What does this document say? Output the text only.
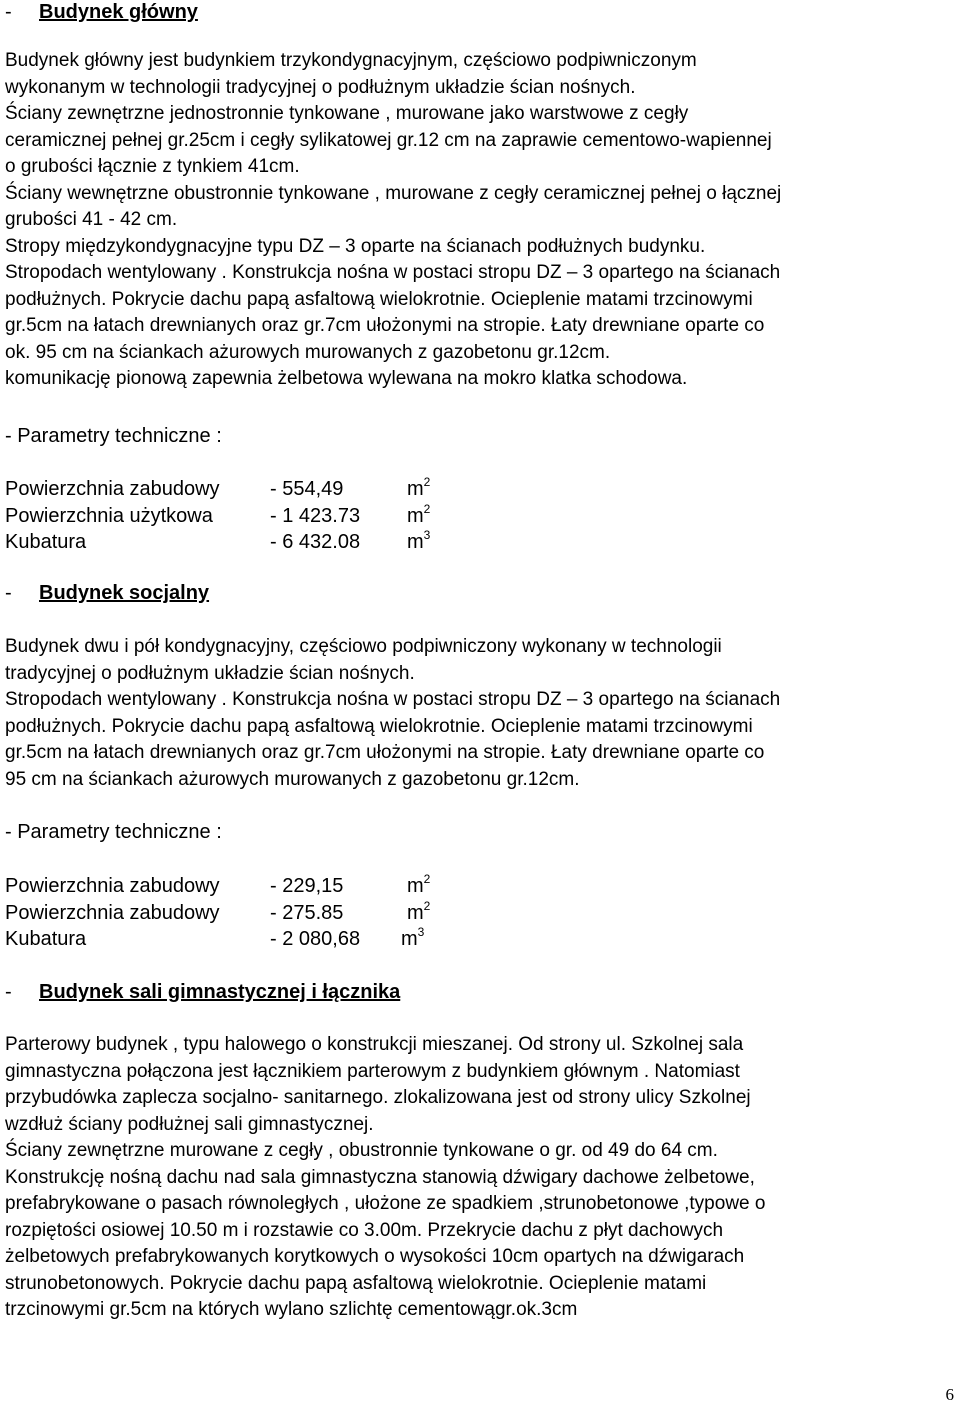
- Budynek główny
Budynek główny jest budynkiem trzykondygnacyjnym, częściowo podpiwniczonym
wykonanym w technologii tradycyjnej o podłużnym układzie ścian nośnych.
Ściany zewnętrzne jednostronnie tynkowane , murowane jako warstwowe z cegły
ceramicznej pełnej gr.25cm i cegły sylikatowej gr.12 cm na zaprawie cementowo-wapiennej
o grubości łącznie z tynkiem 41cm.
Ściany wewnętrzne obustronnie tynkowane , murowane z cegły ceramicznej pełnej o łącznej
grubości 41 - 42 cm.
Stropy międzykondygnacyjne typu DZ – 3 oparte na ścianach podłużnych budynku.
Stropodach wentylowany . Konstrukcja nośna w postaci stropu DZ – 3 opartego na ścianach
podłużnych. Pokrycie dachu papą asfaltową wielokrotnie. Ocieplenie matami trzcinowymi
gr.5cm na łatach drewnianych oraz gr.7cm ułożonymi na stropie. Łaty drewniane oparte co
ok. 95 cm na ściankach ażurowych murowanych z gazobetonu gr.12cm.
komunikację pionową zapewnia żelbetowa wylewana na mokro klatka schodowa.
- Parametry techniczne :
Powierzchnia zabudowy	- 554,49	$m^2$
Powierzchnia użytkowa	- 1 423.73 $m^2$
Kubatura	- 6 432.08 $m^3$
- Budynek socjalny
Budynek dwu i pół kondygnacyjny, częściowo podpiwniczony wykonany w technologii
tradycyjnej o podłużnym układzie ścian nośnych.
Stropodach wentylowany . Konstrukcja nośna w postaci stropu DZ – 3 opartego na ścianach
podłużnych. Pokrycie dachu papą asfaltową wielokrotnie. Ocieplenie matami trzcinowymi
gr.5cm na łatach drewnianych oraz gr.7cm ułożonymi na stropie. Łaty drewniane oparte co
95 cm na ściankach ażurowych murowanych z gazobetonu gr.12cm.
- Parametry techniczne :
Powierzchnia zabudowy	- 229,15	$m^2$
Powierzchnia zabudowy	- 275.85	$m^2$
Kubatura	- 2 080,68 $m^3$
- Budynek sali gimnastycznej i łącznika
Parterowy budynek , typu halowego o konstrukcji mieszanej. Od strony ul. Szkolnej sala
gimnastyczna połączona jest łącznikiem parterowym z budynkiem głównym . Natomiast
przybudówka zaplecza socjalno- sanitarnego. zlokalizowana jest od strony ulicy Szkolnej
wzdłuż ściany podłużnej sali gimnastycznej.
Ściany zewnętrzne murowane z cegły , obustronnie tynkowane o gr. od 49 do 64 cm.
Konstrukcję nośną dachu nad sala gimnastyczna stanowią dźwigary dachowe żelbetowe,
prefabrykowane o pasach równoległych , ułożone ze spadkiem ,strunobetonowe ,typowe o
rozpiętości osiowej 10.50 m i rozstawie co 3.00m. Przekrycie dachu z płyt dachowych
żelbetowych prefabrykowanych korytkowych o wysokości 10cm opartych na dźwigarach
strunobetonowych. Pokrycie dachu papą asfaltową wielokrotnie. Ocieplenie matami
trzcinowymi gr.5cm na których wylano szlichtę cementowągr.ok.3cm
6
